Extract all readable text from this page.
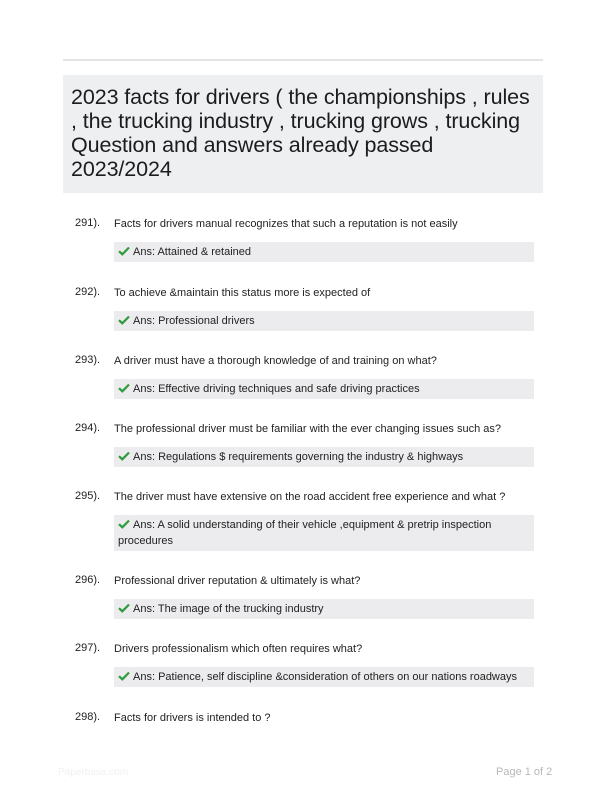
2023 facts for drivers ( the championships , rules , the trucking industry , trucking grows , trucking Question and answers already passed 2023/2024
291). Facts for drivers manual recognizes that such a reputation is not easily
Ans: Attained & retained
292). To achieve &maintain this status more is expected of
Ans: Professional drivers
293). A driver must have a thorough knowledge of and training on what?
Ans: Effective driving techniques and safe driving practices
294). The professional driver must be familiar with the ever changing issues such as?
Ans: Regulations $ requirements governing the industry & highways
295). The driver must have extensive on the road accident free experience and what ?
Ans: A solid understanding of their vehicle ,equipment & pretrip inspection procedures
296). Professional driver reputation & ultimately is what?
Ans: The image of the trucking industry
297). Drivers professionalism which often requires what?
Ans: Patience, self discipline &consideration of others on our nations roadways
298). Facts for drivers is intended to ?
Paperbase.com	Page 1 of 2
